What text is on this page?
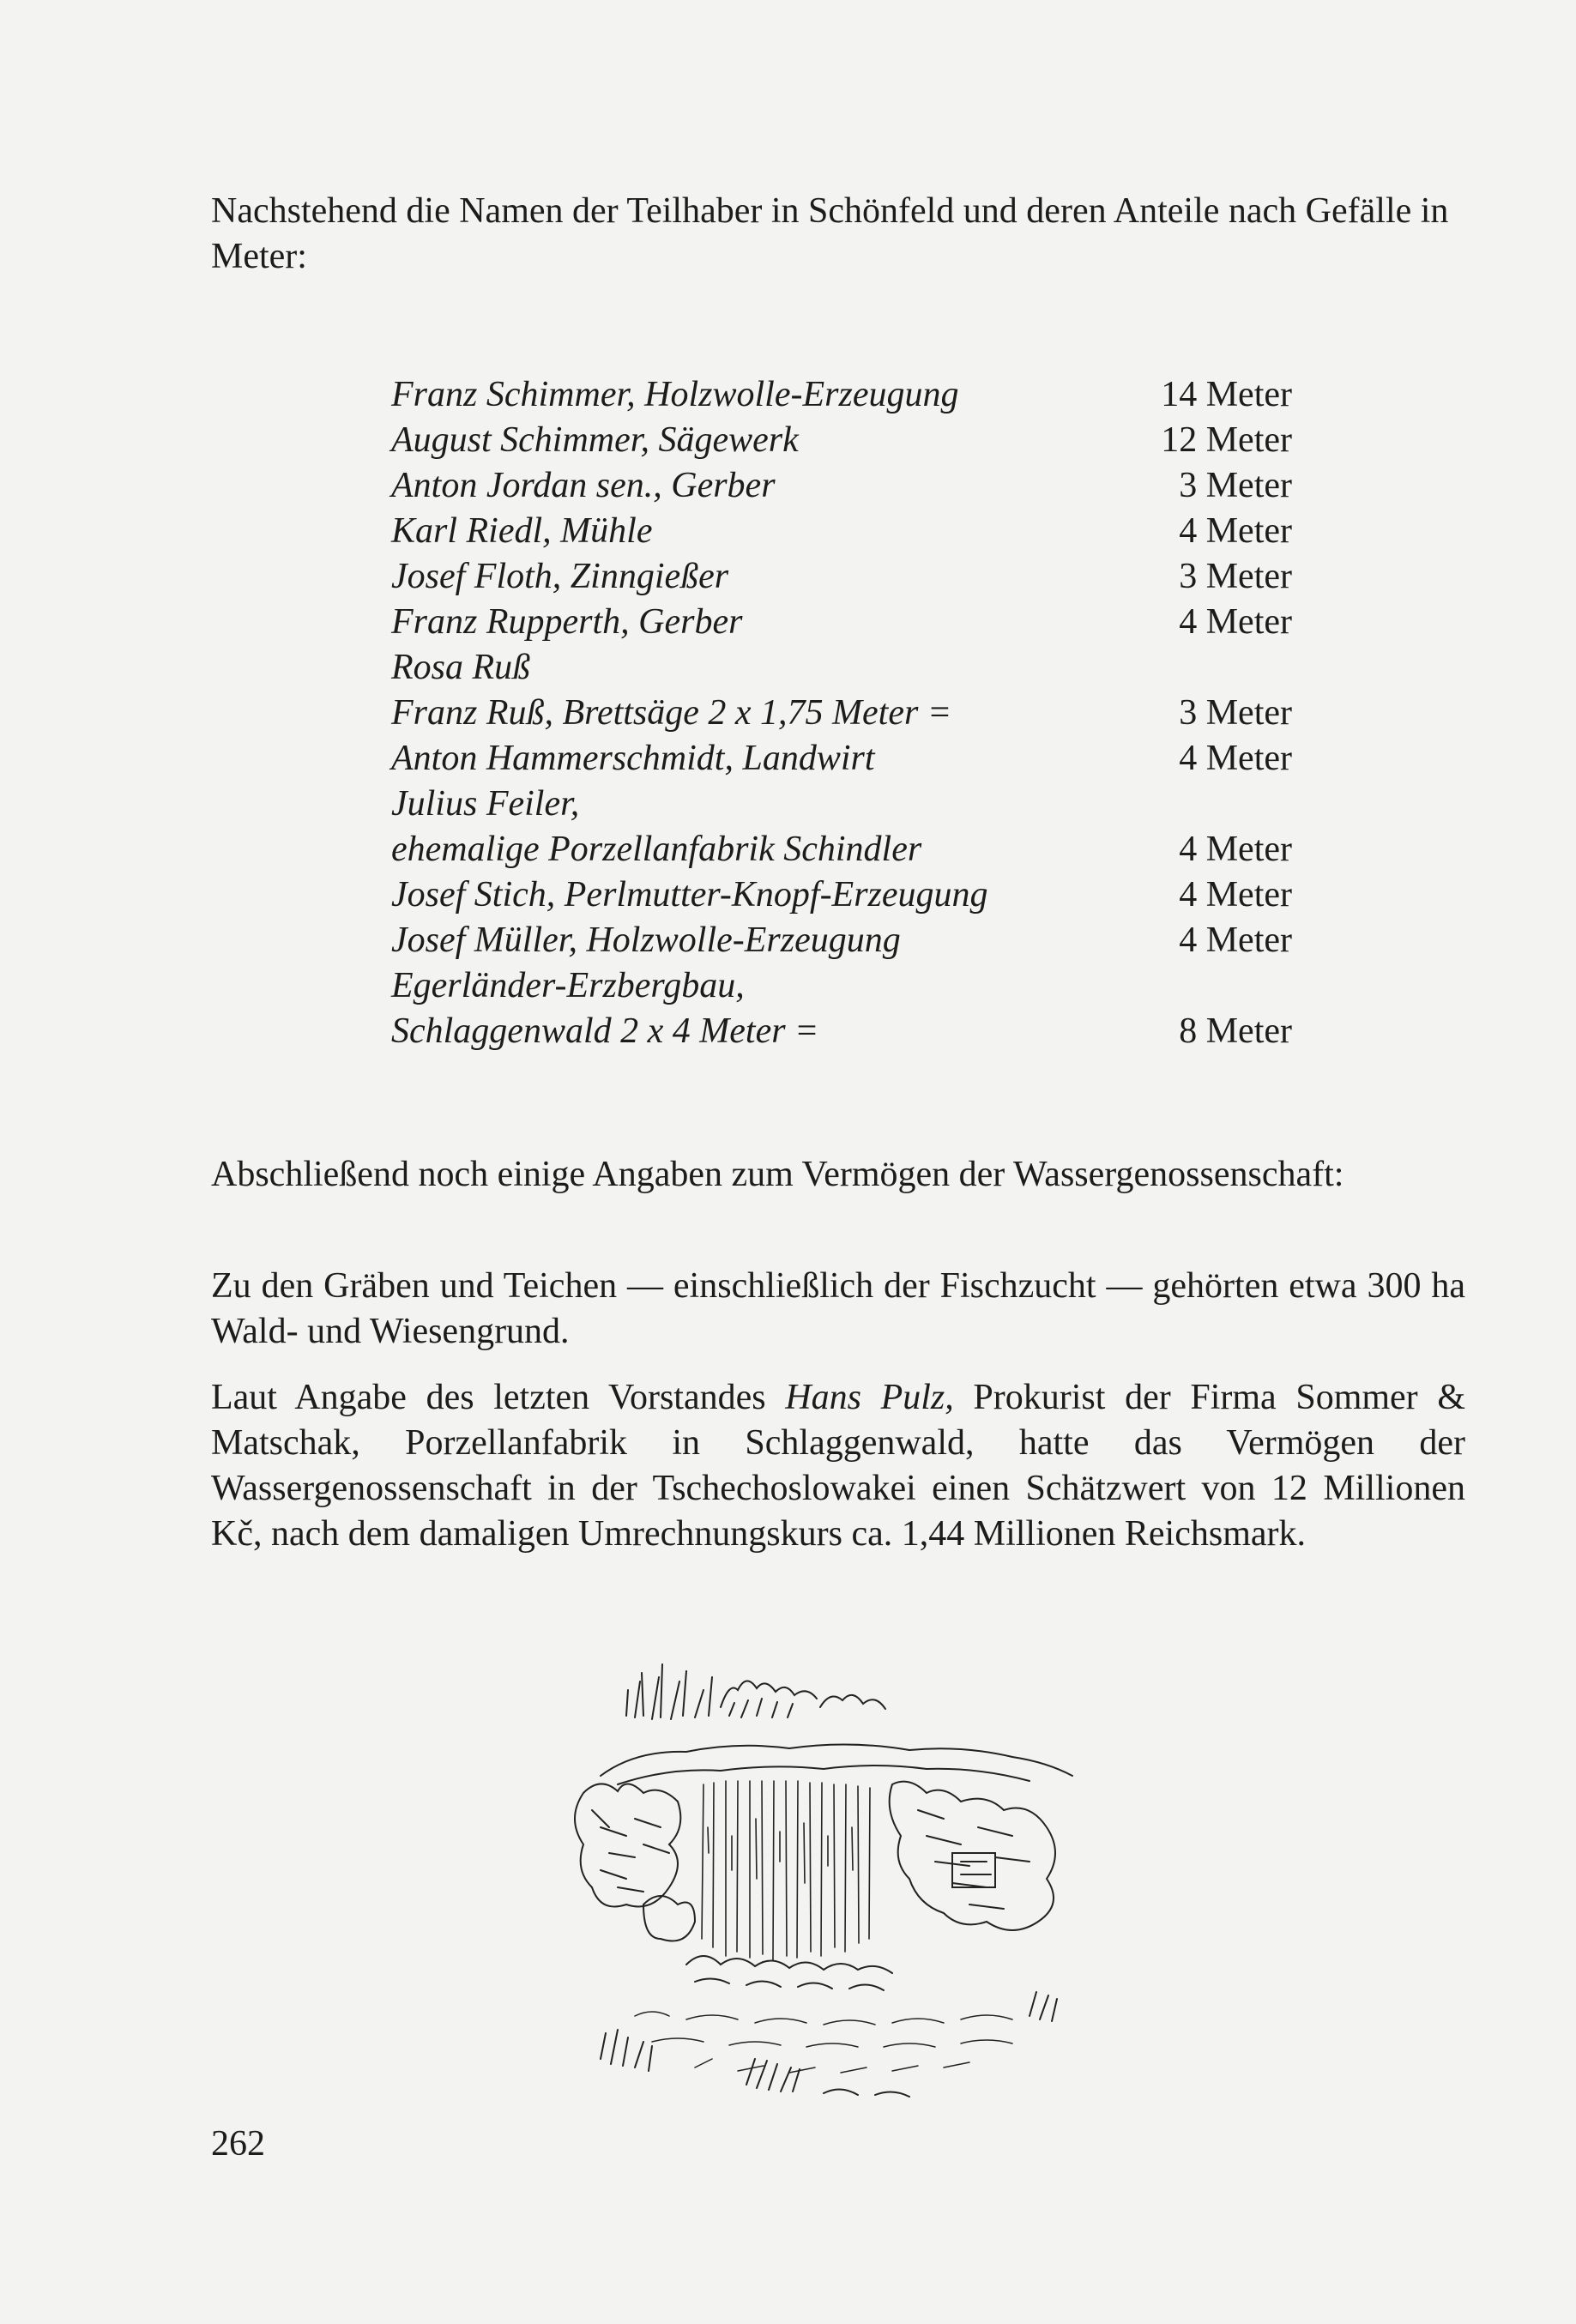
Nachstehend die Namen der Teilhaber in Schönfeld und deren Anteile nach Gefälle in Meter:

Franz Schimmer, Holzwolle-Erzeugung	14 Meter
August Schimmer, Sägewerk	12 Meter
Anton Jordan sen., Gerber	3 Meter
Karl Riedl, Mühle	4 Meter
Josef Floth, Zinngießer	3 Meter
Franz Rupperth, Gerber	4 Meter
Rosa Ruß
Franz Ruß, Brettsäge 2 x 1,75 Meter =	3 Meter
Anton Hammerschmidt, Landwirt	4 Meter
Julius Feiler,
ehemalige Porzellanfabrik Schindler	4 Meter
Josef Stich, Perlmutter-Knopf-Erzeugung	4 Meter
Josef Müller, Holzwolle-Erzeugung	4 Meter
Egerländer-Erzbergbau,
Schlaggenwald 2 x 4 Meter =	8 Meter

Abschließend noch einige Angaben zum Vermögen der Wassergenossenschaft:

Zu den Gräben und Teichen — einschließlich der Fischzucht — gehörten etwa 300 ha Wald- und Wiesengrund.

Laut Angabe des letzten Vorstandes Hans Pulz, Prokurist der Firma Sommer & Matschak, Porzellanfabrik in Schlaggenwald, hatte das Vermögen der Wassergenossenschaft in der Tschechoslowakei einen Schätzwert von 12 Millionen Kč, nach dem damaligen Umrechnungskurs ca. 1,44 Millionen Reichsmark.

262
